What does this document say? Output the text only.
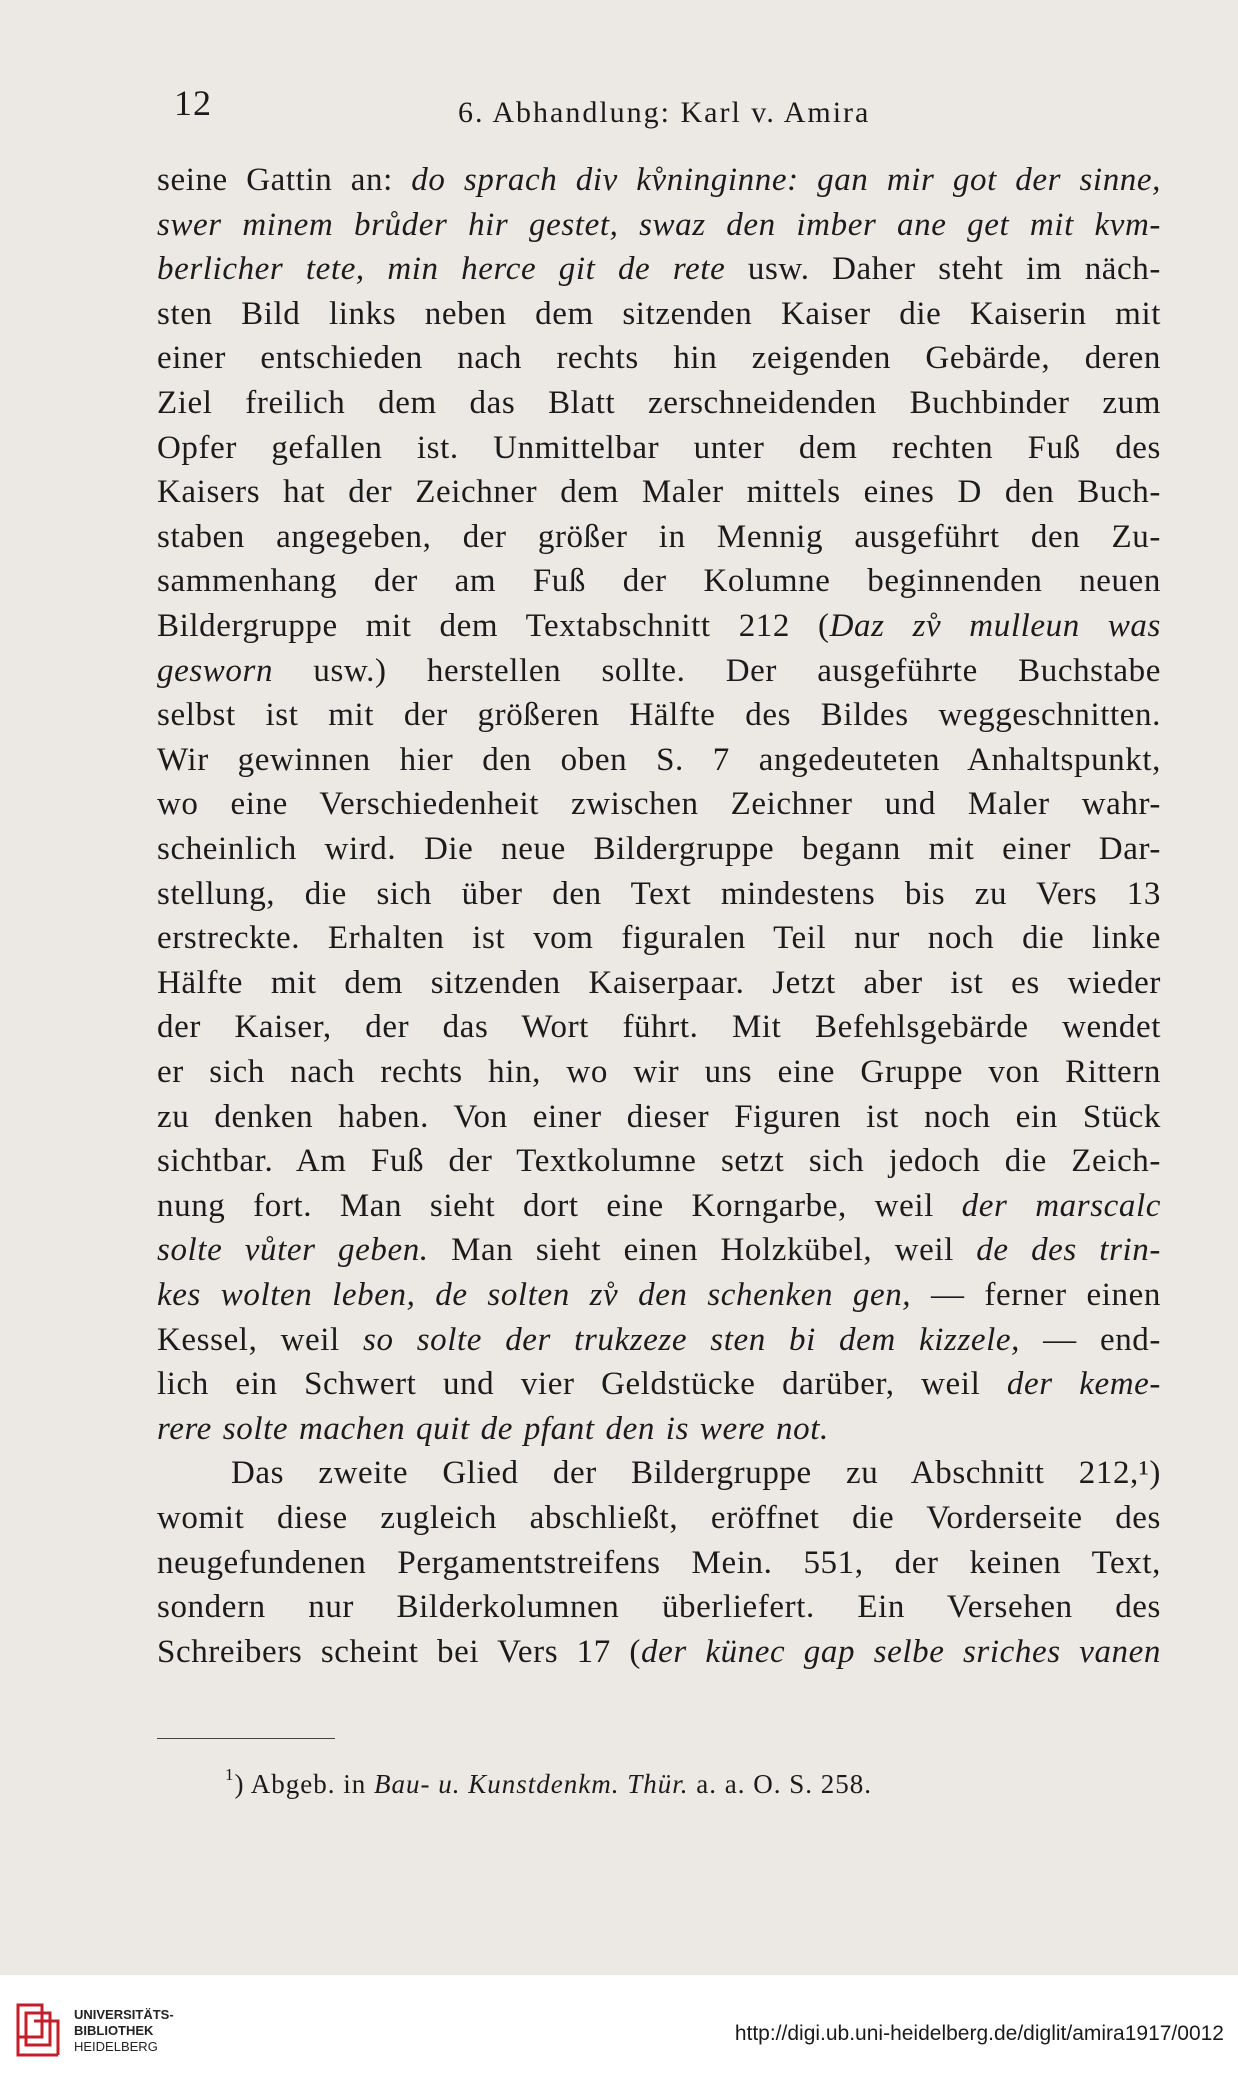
12	6. Abhandlung: Karl v. Amira
seine Gattin an: do sprach div kv̊ninginne: gan mir got der sinne,
swer minem brůder hir gestet, swaz den imber ane get mit kvm-
berlicher tete, min herce git de rete usw. Daher steht im näch-
sten Bild links neben dem sitzenden Kaiser die Kaiserin mit
einer entschieden nach rechts hin zeigenden Gebärde, deren
Ziel freilich dem das Blatt zerschneidenden Buchbinder zum
Opfer gefallen ist. Unmittelbar unter dem rechten Fuß des
Kaisers hat der Zeichner dem Maler mittels eines D den Buch-
staben angegeben, der größer in Mennig ausgeführt den Zu-
sammenhang der am Fuß der Kolumne beginnenden neuen
Bildergruppe mit dem Textabschnitt 212 (Daz zv̊ mulleun was
gesworn usw.) herstellen sollte. Der ausgeführte Buchstabe
selbst ist mit der größeren Hälfte des Bildes weggeschnitten.
Wir gewinnen hier den oben S. 7 angedeuteten Anhaltspunkt,
wo eine Verschiedenheit zwischen Zeichner und Maler wahr-
scheinlich wird. Die neue Bildergruppe begann mit einer Dar-
stellung, die sich über den Text mindestens bis zu Vers 13
erstreckte. Erhalten ist vom figuralen Teil nur noch die linke
Hälfte mit dem sitzenden Kaiserpaar. Jetzt aber ist es wieder
der Kaiser, der das Wort führt. Mit Befehlsgebärde wendet
er sich nach rechts hin, wo wir uns eine Gruppe von Rittern
zu denken haben. Von einer dieser Figuren ist noch ein Stück
sichtbar. Am Fuß der Textkolumne setzt sich jedoch die Zeich-
nung fort. Man sieht dort eine Korngarbe, weil der marscalc
solte vůter geben. Man sieht einen Holzkübel, weil de des trin-
kes wolten leben, de solten zv̊ den schenken gen, — ferner einen
Kessel, weil so solte der trukzeze sten bi dem kizzele, — end-
lich ein Schwert und vier Geldstücke darüber, weil der keme-
rere solte machen quit de pfant den is were not.
Das zweite Glied der Bildergruppe zu Abschnitt 212,¹)
womit diese zugleich abschließt, eröffnet die Vorderseite des
neugefundenen Pergamentstreifens Mein. 551, der keinen Text,
sondern nur Bilderkolumnen überliefert. Ein Versehen des
Schreibers scheint bei Vers 17 (der künec gap selbe sriches vanen
$^1$) Abgeb. in Bau- u. Kunstdenkm. Thür. a. a. O. S. 258.
UNIVERSITÄTS-
BIBLIOTHEK
HEIDELBERG
http://digi.ub.uni-heidelberg.de/diglit/amira1917/0012
